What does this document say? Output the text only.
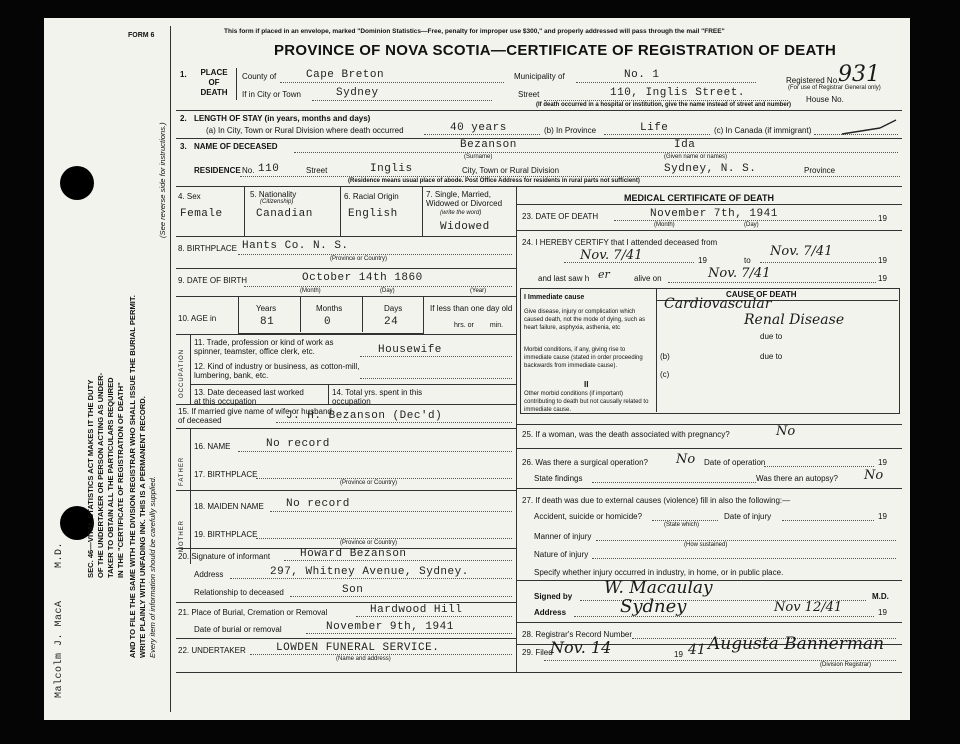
FORM 6
Malcolm J. MacA     M.D.	SEC. 46—VITAL STATISTICS ACT MAKES IT THE DUTY OF THE UNDERTAKER OR PERSON ACTING AS UNDER- TAKER TO OBTAIN ALL THE PARTICULARS REQUIRED IN THE "CERTIFICATE OF REGISTRATION OF DEATH" AND TO FILE THE SAME WITH THE DIVISION REGISTRAR WHO SHALL ISSUE THE BURIAL PERMIT. WRITE PLAINLY WITH UNFADING INK. THIS IS A PERMANENT RECORD. Every item of information should be carefully supplied.
(See reverse side for instructions.)
This form if placed in an envelope, marked "Dominion Statistics—Free, penalty for improper use $300," and properly addressed will pass through the mail "FREE"
PROVINCE OF NOVA SCOTIA—CERTIFICATE OF REGISTRATION OF DEATH
1.	PLACE OF DEATH
County of	Cape Breton	Municipality of	No. 1	Registered No.
931
(For use of Registrar General only)
If in City or Town	Sydney	Street	110, Inglis Street.
House No.
(If death occurred in a hospital or institution, give the name instead of street and number)
2. LENGTH OF STAY (in years, months and days)
(a) In City, Town or Rural Division where death occurred	40 years	(b) In Province	Life	(c) In Canada (if immigrant)
3. NAME OF DECEASED	Bezanson
(Surname)
Ida
(Given name or names)
RESIDENCE No. 110	Street	Inglis	City, Town or Rural Division	Sydney, N. S.	Province
(Residence means usual place of abode. Post Office Address for residents in rural parts not sufficient)
4. Sex
Female
5. Nationality
(Citizenship)
Canadian
6. Racial Origin
English
7. Single, Married, Widowed or Divorced
(write the word)
Widowed
8. BIRTHPLACE Hants Co. N. S.
(Province or Country)
9. DATE OF BIRTH	October 14th 1860
(Month)	(Day)	(Year)
10. AGE in
Years	Months	Days
81	0	24
If less than one day old
hrs. or min.
OCCUPATION
11. Trade, profession or kind of work as spinner, teamster, office clerk, etc.	Housewife
12. Kind of industry or business, as cotton-mill, lumbering, bank, etc.
13. Date deceased last worked at this occupation
14. Total yrs. spent in this occupation
15. If married give name of wife or husband of deceased	J. H. Bezanson (Dec'd)
FATHER
16. NAME	No record
17. BIRTHPLACE
(Province or Country)
MOTHER
18. MAIDEN NAME No record
19. BIRTHPLACE
(Province or Country)
20. Signature of informant	Howard Bezanson
Address	297, Whitney Avenue, Sydney.
Relationship to deceased	Son
21. Place of Burial, Cremation or Removal	Hardwood Hill
Date of burial or removal	November 9th, 1941
22. UNDERTAKER	LOWDEN FUNERAL SERVICE.
(Name and address)
MEDICAL CERTIFICATE OF DEATH
23. DATE OF DEATH	November 7th, 1941	19
(Month)	(Day)
24. I HEREBY CERTIFY that I attended deceased from
Nov. 7/41	19	to
Nov. 7/41
19
and last saw h er	alive on	Nov. 7/41	19
CAUSE OF DEATH
I Immediate cause
Give disease, injury or complication which caused death, not the mode of dying, such as heart failure, asphyxia, asthenia, etc
Cardiovascular
Renal Disease
due to
Morbid conditions, if any, giving rise to immediate cause (stated in order proceeding backwards from immediate cause).
(b)	due to
(c)
II
Other morbid conditions (if important) contributing to death but not causally related to immediate cause.
25. If a woman, was the death associated with pregnancy?	No
26. Was there a surgical operation? No Date of operation	19
State findings	Was there an autopsy? No
27. If death was due to external causes (violence) fill in also the following:—
Accident, suicide or homicide?
(State which)
Date of injury	19
Manner of injury
(How sustained)
Nature of injury
Specify whether injury occurred in industry, in home, or in public place.
Signed by W. Macaulay	M.D.
Address	Sydney	Nov 12/41	19
28. Registrar's Record Number
29. Filed
Nov. 14	19 41 Augusta Bannerman
(Division Registrar)
